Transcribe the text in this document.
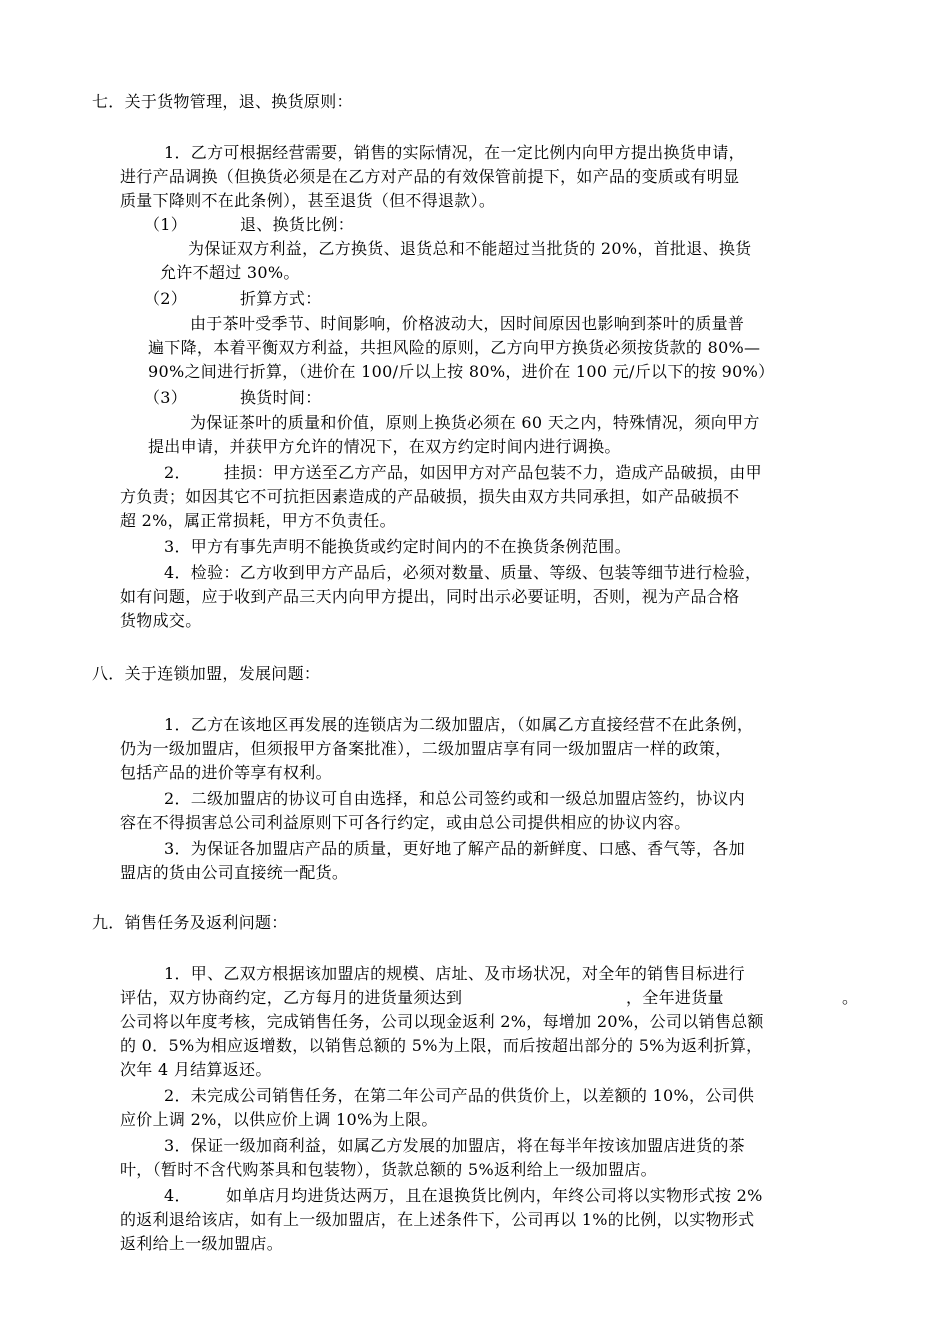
七．关于货物管理，退、换货原则：
1．乙方可根据经营需要，销售的实际情况，在一定比例内向甲方提出换货申请，
进行产品调换（但换货必须是在乙方对产品的有效保管前提下，如产品的变质或有明显
质量下降则不在此条例），甚至退货（但不得退款）。
（1）	退、换货比例：
为保证双方利益，乙方换货、退货总和不能超过当批货的 20%，首批退、换货
允许不超过 30%。
（2）	折算方式：
由于茶叶受季节、时间影响，价格波动大，因时间原因也影响到茶叶的质量普
遍下降，本着平衡双方利益，共担风险的原则，乙方向甲方换货必须按货款的 80%—
90%之间进行折算，（进价在 100/斤以上按 80%，进价在 100 元/斤以下的按 90%）
（3）	换货时间：
为保证茶叶的质量和价值，原则上换货必须在 60 天之内，特殊情况，须向甲方
提出申请，并获甲方允许的情况下，在双方约定时间内进行调换。
2． 挂损：甲方送至乙方产品，如因甲方对产品包装不力，造成产品破损，由甲
方负责；如因其它不可抗拒因素造成的产品破损，损失由双方共同承担，如产品破损不
超 2%，属正常损耗，甲方不负责任。
3．甲方有事先声明不能换货或约定时间内的不在换货条例范围。
4．检验：乙方收到甲方产品后，必须对数量、质量、等级、包装等细节进行检验，
如有问题，应于收到产品三天内向甲方提出，同时出示必要证明，否则，视为产品合格
货物成交。
八．关于连锁加盟，发展问题：
1．乙方在该地区再发展的连锁店为二级加盟店，（如属乙方直接经营不在此条例，
仍为一级加盟店，但须报甲方备案批准），二级加盟店享有同一级加盟店一样的政策，
包括产品的进价等享有权利。
2．二级加盟店的协议可自由选择，和总公司签约或和一级总加盟店签约，协议内
容在不得损害总公司利益原则下可各行约定，或由总公司提供相应的协议内容。
3．为保证各加盟店产品的质量，更好地了解产品的新鲜度、口感、香气等，各加
盟店的货由公司直接统一配货。
九．销售任务及返利问题：
1．甲、乙双方根据该加盟店的规模、店址、及市场状况，对全年的销售目标进行
评估，双方协商约定，乙方每月的进货量须达到	，全年进货量	。
公司将以年度考核，完成销售任务，公司以现金返利 2%，每增加 20%，公司以销售总额
的 0．5%为相应返增数，以销售总额的 5%为上限，而后按超出部分的 5%为返利折算，
次年 4 月结算返还。
2．未完成公司销售任务，在第二年公司产品的供货价上，以差额的 10%，公司供
应价上调 2%，以供应价上调 10%为上限。
3．保证一级加商利益，如属乙方发展的加盟店，将在每半年按该加盟店进货的茶
叶，（暂时不含代购茶具和包装物），货款总额的 5%返利给上一级加盟店。
4． 如单店月均进货达两万，且在退换货比例内，年终公司将以实物形式按 2%
的返利退给该店，如有上一级加盟店，在上述条件下，公司再以 1%的比例，以实物形式
返利给上一级加盟店。
